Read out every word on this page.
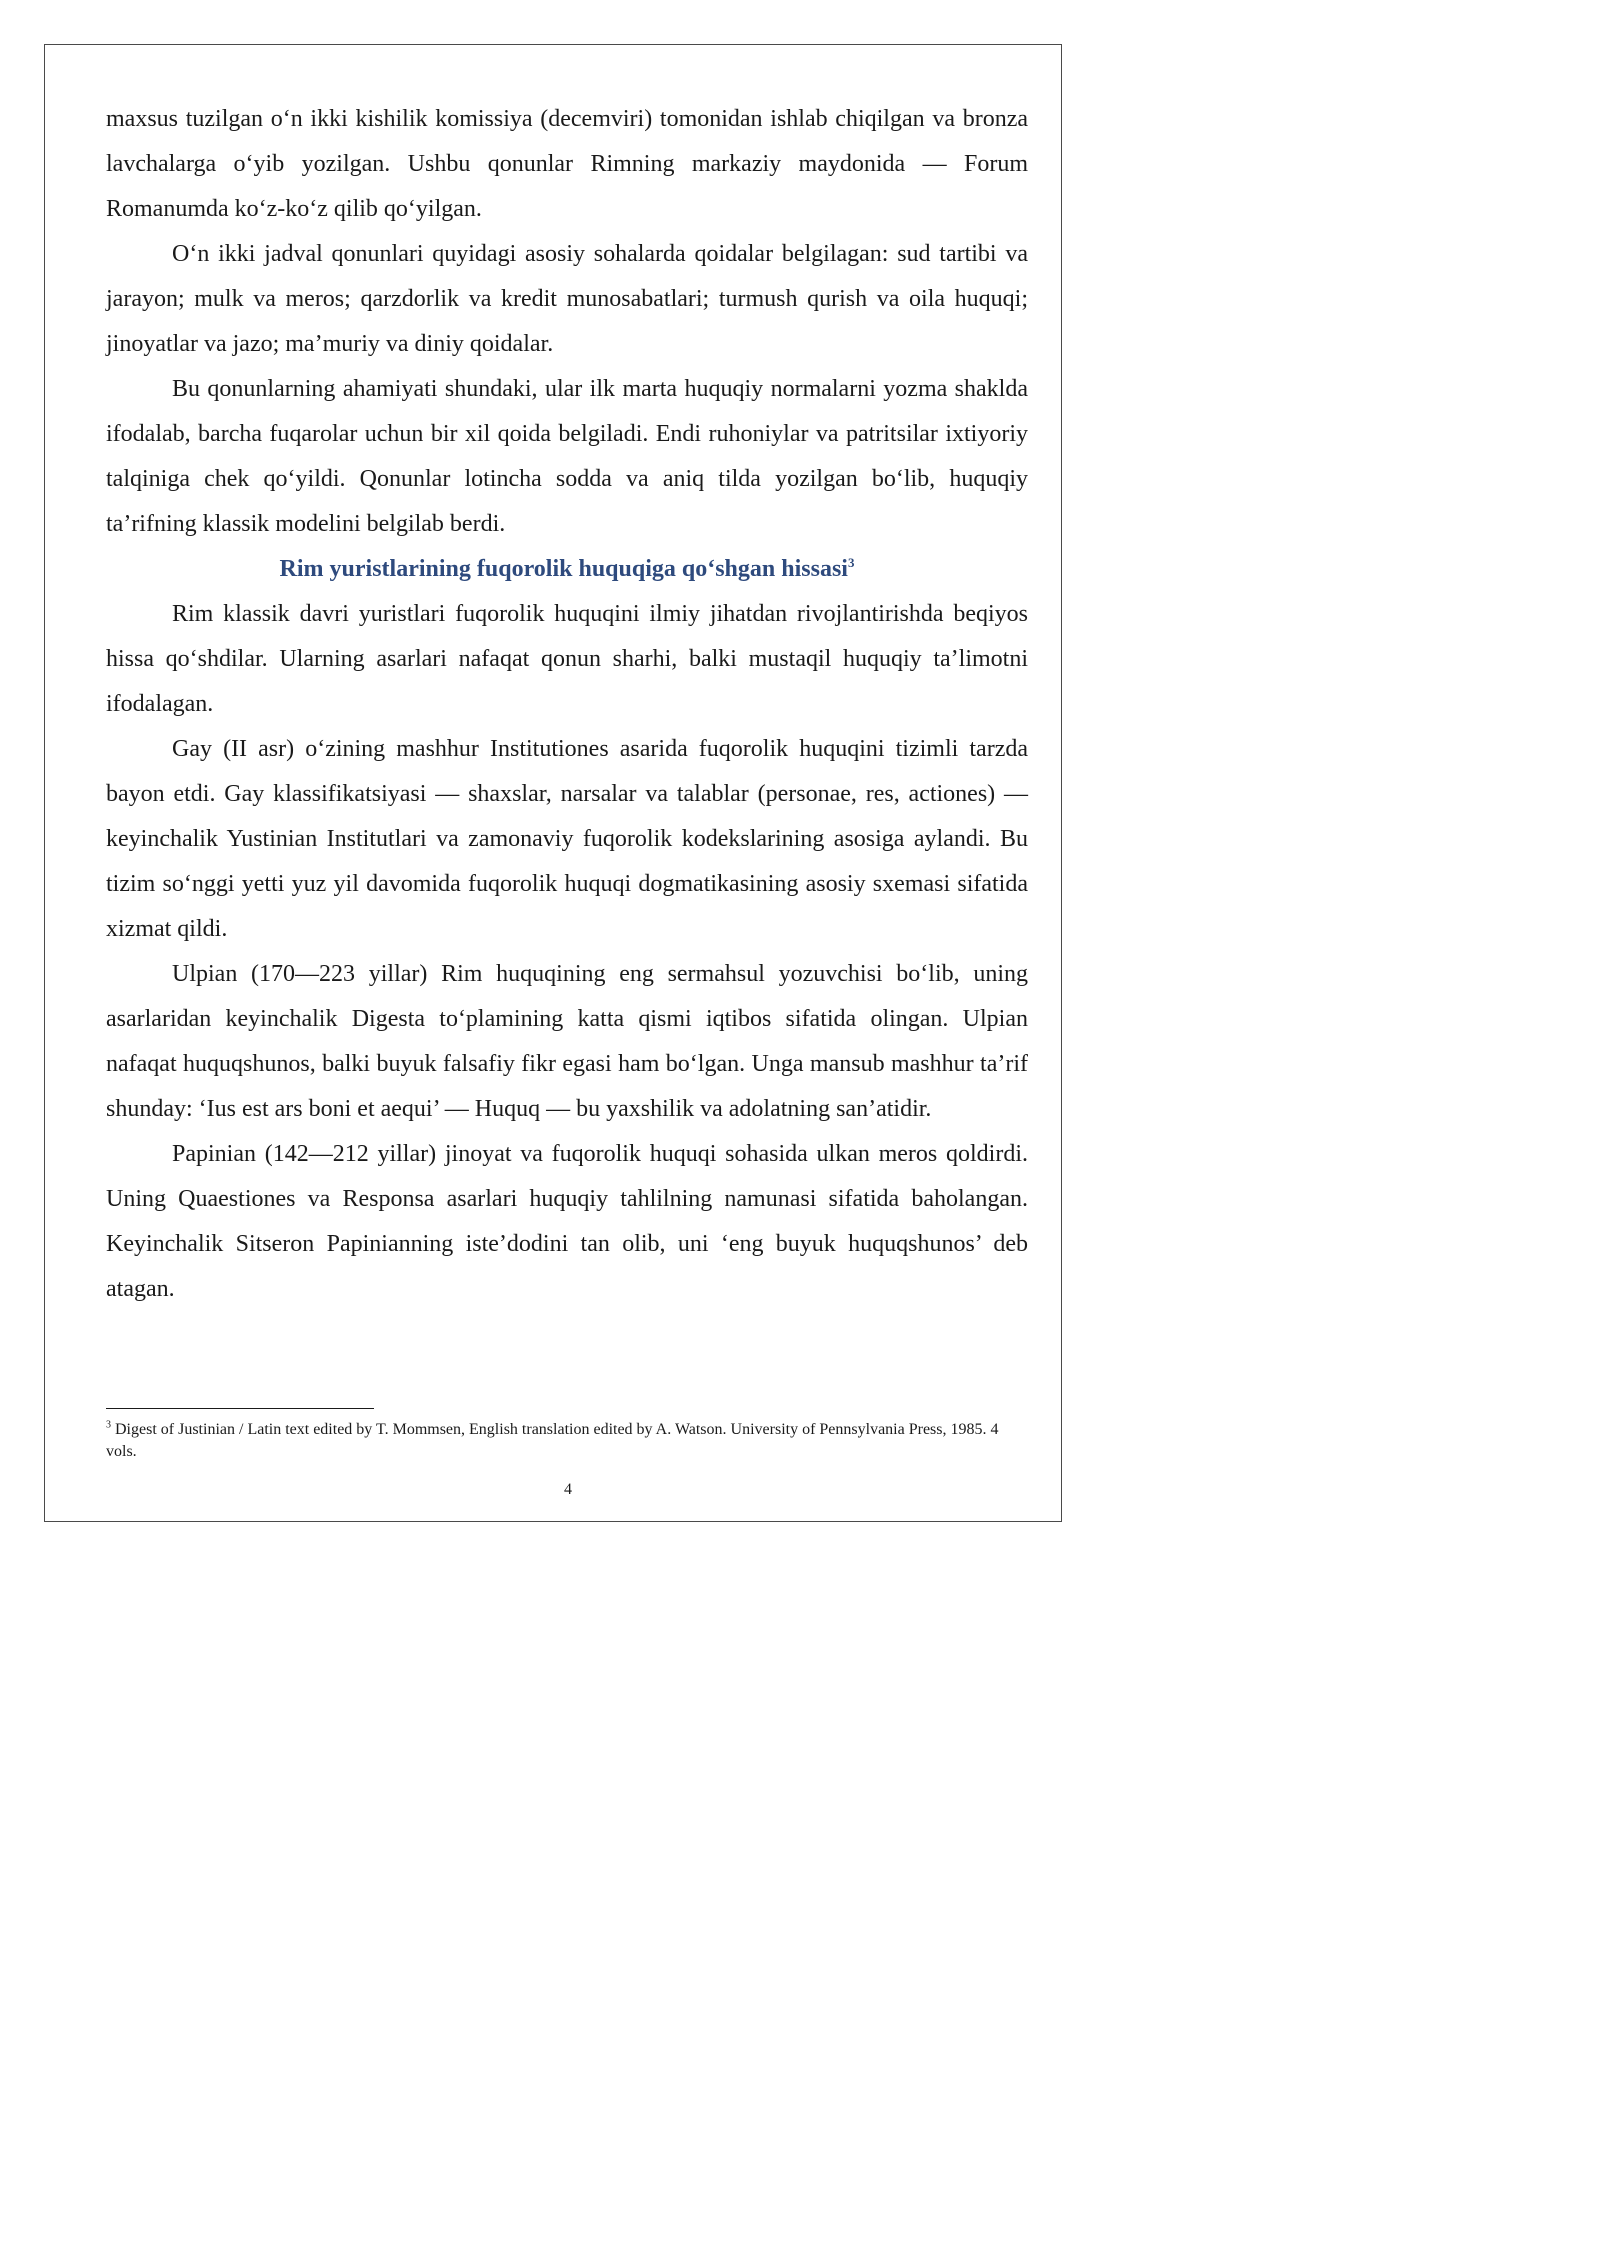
maxsus tuzilgan o‘n ikki kishilik komissiya (decemviri) tomonidan ishlab chiqilgan va bronza lavchalarga o‘yib yozilgan. Ushbu qonunlar Rimning markaziy maydonida — Forum Romanumda ko‘z-ko‘z qilib qo‘yilgan.

O‘n ikki jadval qonunlari quyidagi asosiy sohalarda qoidalar belgilagan: sud tartibi va jarayon; mulk va meros; qarzdorlik va kredit munosabatlari; turmush qurish va oila huquqi; jinoyatlar va jazo; ma’muriy va diniy qoidalar.

Bu qonunlarning ahamiyati shundaki, ular ilk marta huquqiy normalarni yozma shaklda ifodalab, barcha fuqarolar uchun bir xil qoida belgiladi. Endi ruhoniylar va patritsilar ixtiyoriy talqiniga chek qo‘yildi. Qonunlar lotincha sodda va aniq tilda yozilgan bo‘lib, huquqiy ta’rifning klassik modelini belgilab berdi.

Rim yuristlarining fuqorolik huquqiga qo‘shgan hissasi$^3$

Rim klassik davri yuristlari fuqorolik huquqini ilmiy jihatdan rivojlantirishda beqiyos hissa qo‘shdilar. Ularning asarlari nafaqat qonun sharhi, balki mustaqil huquqiy ta’limotni ifodalagan.

Gay (II asr) o‘zining mashhur Institutiones asarida fuqorolik huquqini tizimli tarzda bayon etdi. Gay klassifikatsiyasi — shaxslar, narsalar va talablar (personae, res, actiones) — keyinchalik Yustinian Institutlari va zamonaviy fuqorolik kodekslarining asosiga aylandi. Bu tizim so‘nggi yetti yuz yil davomida fuqorolik huquqi dogmatikasining asosiy sxemasi sifatida xizmat qildi.

Ulpian (170—223 yillar) Rim huquqining eng sermahsul yozuvchisi bo‘lib, uning asarlaridan keyinchalik Digesta to‘plamining katta qismi iqtibos sifatida olingan. Ulpian nafaqat huquqshunos, balki buyuk falsafiy fikr egasi ham bo‘lgan. Unga mansub mashhur ta’rif shunday: ‘Ius est ars boni et aequi’ — Huquq — bu yaxshilik va adolatning san’atidir.

Papinian (142—212 yillar) jinoyat va fuqorolik huquqi sohasida ulkan meros qoldirdi. Uning Quaestiones va Responsa asarlari huquqiy tahlilning namunasi sifatida baholangan. Keyinchalik Sitseron Papinianning iste’dodini tan olib, uni ‘eng buyuk huquqshunos’ deb atagan.

$^3$ Digest of Justinian / Latin text edited by T. Mommsen, English translation edited by A. Watson. University of Pennsylvania Press, 1985. 4 vols.
4
